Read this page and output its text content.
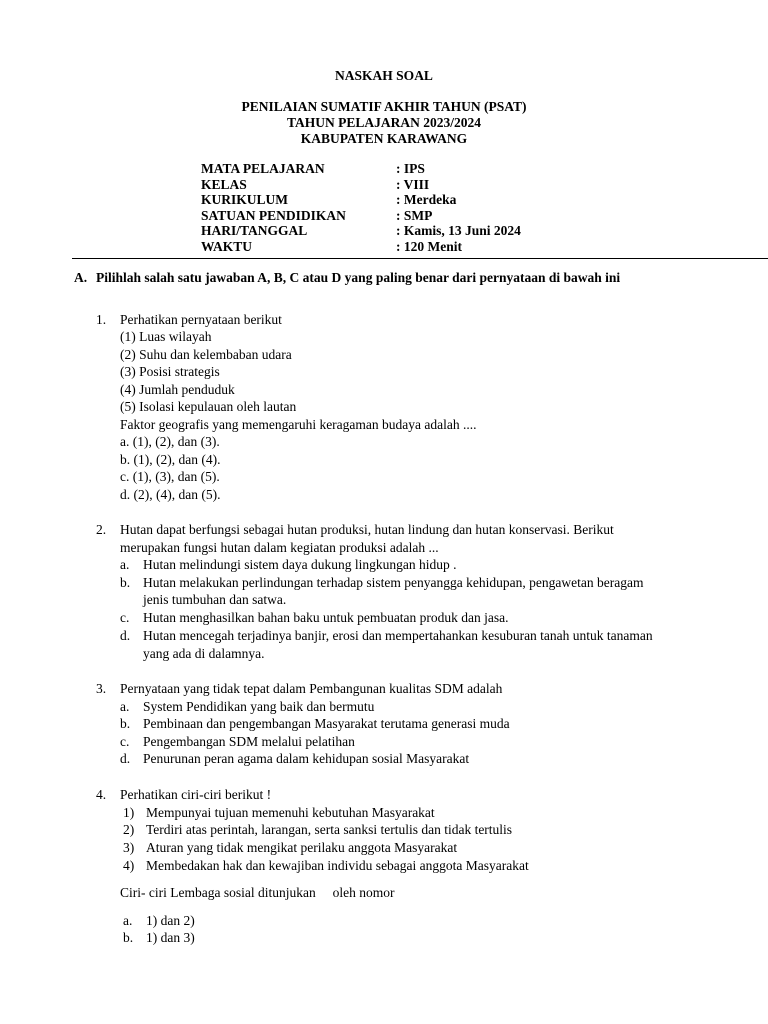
NASKAH SOAL
PENILAIAN SUMATIF AKHIR TAHUN (PSAT)
TAHUN PELAJARAN 2023/2024
KABUPATEN KARAWANG
MATA PELAJARAN	: IPS
KELAS	: VIII
KURIKULUM	: Merdeka
SATUAN PENDIDIKAN	: SMP
HARI/TANGGAL	: Kamis, 13 Juni 2024
WAKTU	: 120 Menit
A. Pilihlah salah satu jawaban A, B, C atau D yang paling benar dari pernyataan di bawah ini
1. Perhatikan pernyataan berikut
(1) Luas wilayah
(2) Suhu dan kelembaban udara
(3) Posisi strategis
(4) Jumlah penduduk
(5) Isolasi kepulauan oleh lautan
Faktor geografis yang memengaruhi keragaman budaya adalah ....
a. (1), (2), dan (3).
b. (1), (2), dan (4).
c. (1), (3), dan (5).
d. (2), (4), dan (5).
2. Hutan dapat berfungsi sebagai hutan produksi, hutan lindung dan hutan konservasi. Berikut
merupakan fungsi hutan dalam kegiatan produksi adalah ...
a. Hutan melindungi sistem daya dukung lingkungan hidup .
b. Hutan melakukan perlindungan terhadap sistem penyangga kehidupan, pengawetan beragam
jenis tumbuhan dan satwa.
c. Hutan menghasilkan bahan baku untuk pembuatan produk dan jasa.
d. Hutan mencegah terjadinya banjir, erosi dan mempertahankan kesuburan tanah untuk tanaman
yang ada di dalamnya.
3. Pernyataan yang tidak tepat dalam Pembangunan kualitas SDM adalah
a. System Pendidikan yang baik dan bermutu
b. Pembinaan dan pengembangan Masyarakat terutama generasi muda
c. Pengembangan SDM melalui pelatihan
d. Penurunan peran agama dalam kehidupan sosial Masyarakat
4. Perhatikan ciri-ciri berikut !
1) Mempunyai tujuan memenuhi kebutuhan Masyarakat
2) Terdiri atas perintah, larangan, serta sanksi tertulis dan tidak tertulis
3) Aturan yang tidak mengikat perilaku anggota Masyarakat
4) Membedakan hak dan kewajiban individu sebagai anggota Masyarakat
Ciri- ciri Lembaga sosial ditunjukan     oleh nomor
a. 1) dan 2)
b. 1) dan 3)
